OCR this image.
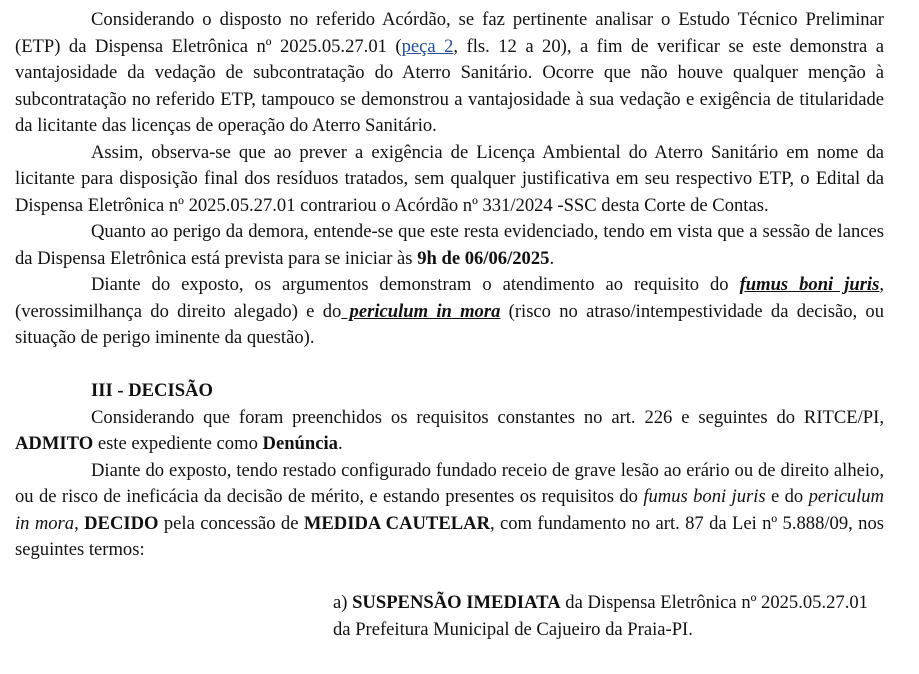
Considerando o disposto no referido Acórdão, se faz pertinente analisar o Estudo Técnico Preliminar (ETP) da Dispensa Eletrônica nº 2025.05.27.01 (peça 2, fls. 12 a 20), a fim de verificar se este demonstra a vantajosidade da vedação de subcontratação do Aterro Sanitário. Ocorre que não houve qualquer menção à subcontratação no referido ETP, tampouco se demonstrou a vantajosidade à sua vedação e exigência de titularidade da licitante das licenças de operação do Aterro Sanitário.

Assim, observa-se que ao prever a exigência de Licença Ambiental do Aterro Sanitário em nome da licitante para disposição final dos resíduos tratados, sem qualquer justificativa em seu respectivo ETP, o Edital da Dispensa Eletrônica nº 2025.05.27.01 contrariou o Acórdão nº 331/2024 -SSC desta Corte de Contas.

Quanto ao perigo da demora, entende-se que este resta evidenciado, tendo em vista que a sessão de lances da Dispensa Eletrônica está prevista para se iniciar às 9h de 06/06/2025.

Diante do exposto, os argumentos demonstram o atendimento ao requisito do fumus boni juris, (verossimilhança do direito alegado) e do periculum in mora (risco no atraso/intempestividade da decisão, ou situação de perigo iminente da questão).

III - DECISÃO

Considerando que foram preenchidos os requisitos constantes no art. 226 e seguintes do RITCE/PI, ADMITO este expediente como Denúncia.

Diante do exposto, tendo restado configurado fundado receio de grave lesão ao erário ou de direito alheio, ou de risco de ineficácia da decisão de mérito, e estando presentes os requisitos do fumus boni juris e do periculum in mora, DECIDO pela concessão de MEDIDA CAUTELAR, com fundamento no art. 87 da Lei nº 5.888/09, nos seguintes termos:

a) SUSPENSÃO IMEDIATA da Dispensa Eletrônica nº 2025.05.27.01 da Prefeitura Municipal de Cajueiro da Praia-PI.
